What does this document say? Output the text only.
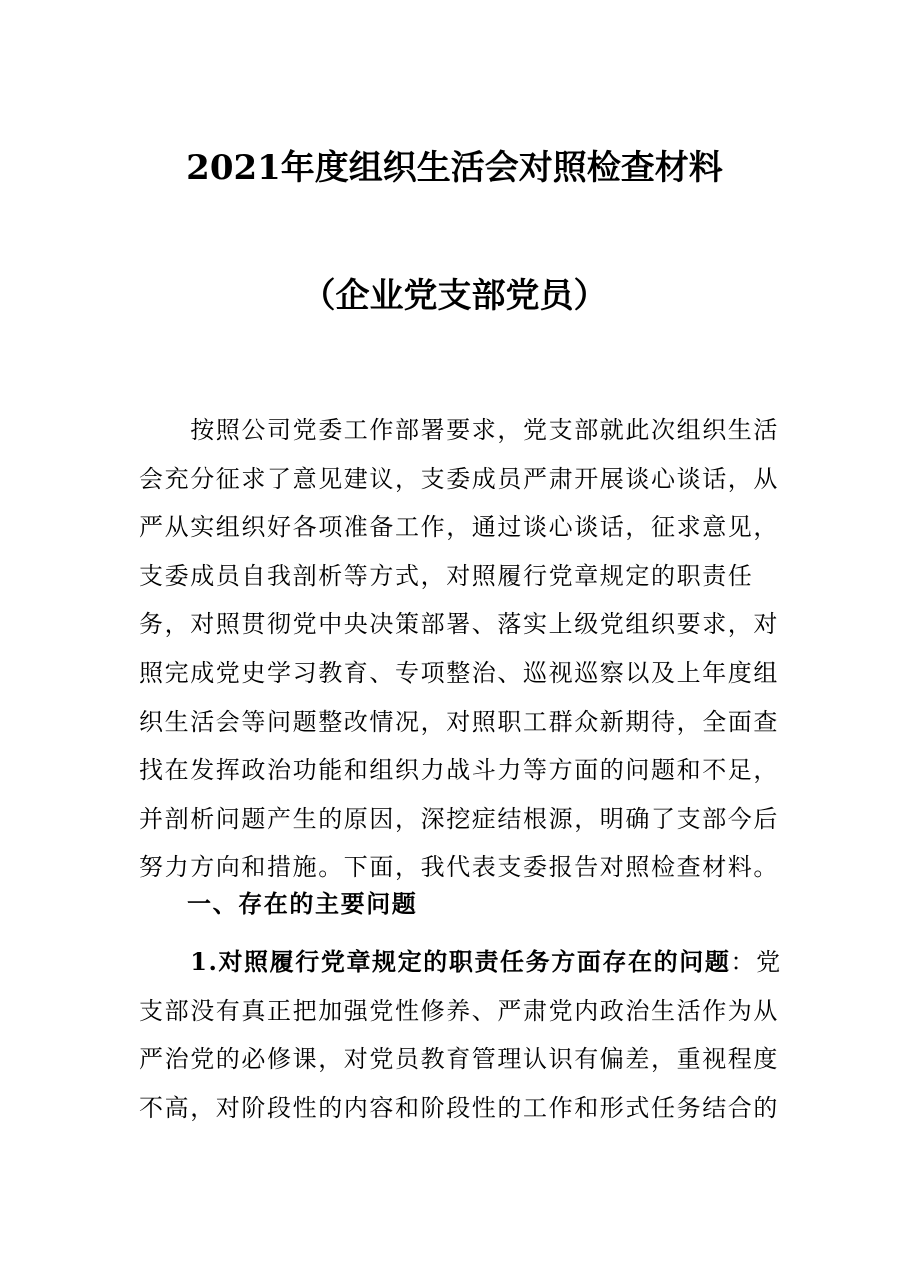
2021年度组织生活会对照检查材料
（企业党支部党员）
　　按照公司党委工作部署要求，党支部就此次组织生活
会充分征求了意见建议，支委成员严肃开展谈心谈话，从
严从实组织好各项准备工作，通过谈心谈话，征求意见，
支委成员自我剖析等方式，对照履行党章规定的职责任
务，对照贯彻党中央决策部署、落实上级党组织要求，对
照完成党史学习教育、专项整治、巡视巡察以及上年度组
织生活会等问题整改情况，对照职工群众新期待，全面查
找在发挥政治功能和组织力战斗力等方面的问题和不足，
并剖析问题产生的原因，深挖症结根源，明确了支部今后
努力方向和措施。下面，我代表支委报告对照检查材料。
一、存在的主要问题
　　1.对照履行党章规定的职责任务方面存在的问题：党
支部没有真正把加强党性修养、严肃党内政治生活作为从
严治党的必修课，对党员教育管理认识有偏差，重视程度
不高，对阶段性的内容和阶段性的工作和形式任务结合的
